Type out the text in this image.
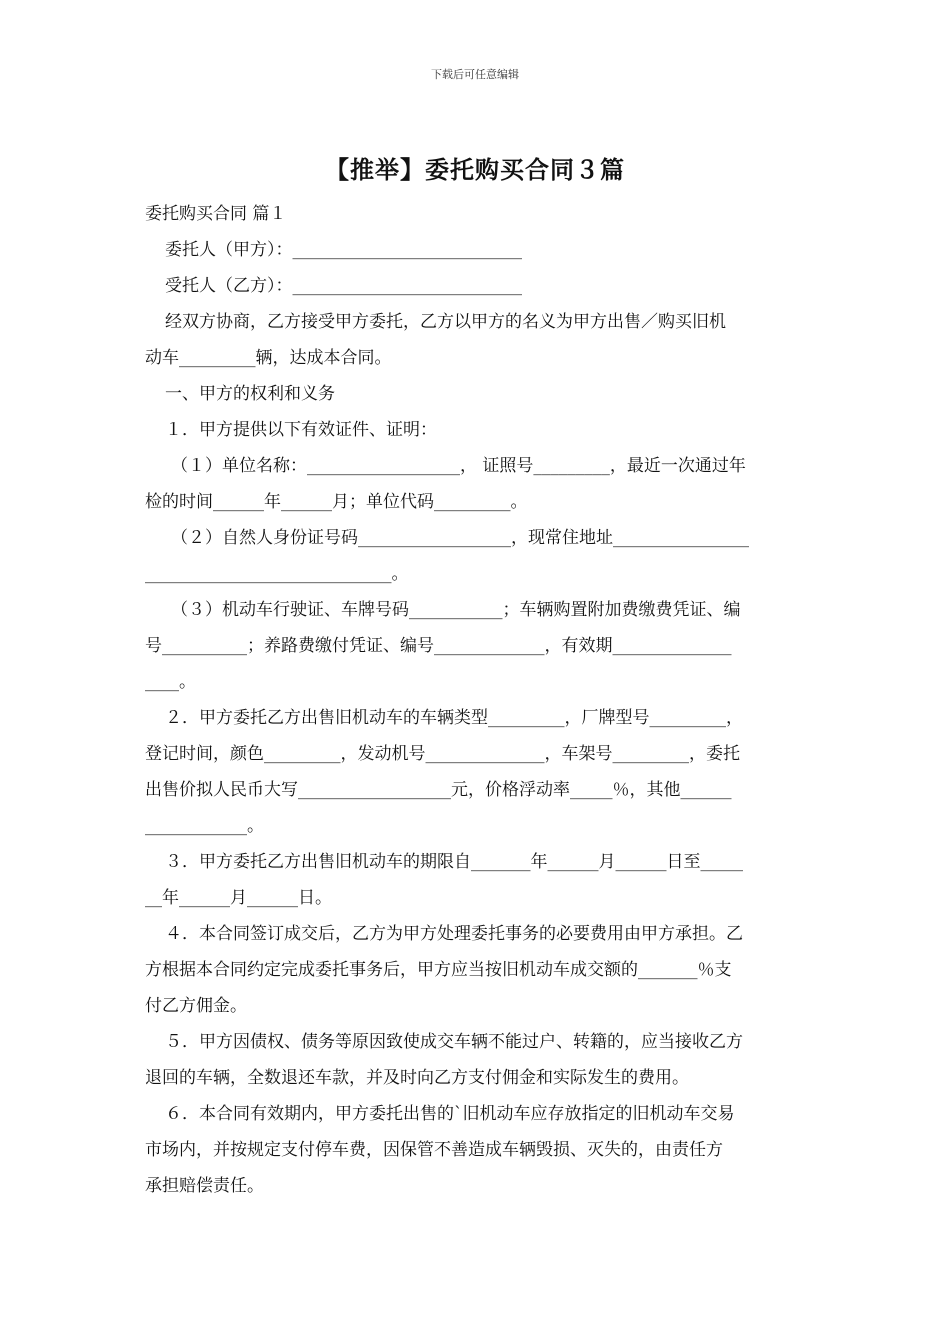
下载后可任意编辑
【推举】委托购买合同３篇

委托购买合同 篇１

委托人（甲方）：___________________________

受托人（乙方）：___________________________

经双方协商，乙方接受甲方委托，乙方以甲方的名义为甲方出售／购买旧机

动车_________辆，达成本合同。

一、甲方的权利和义务

１．甲方提供以下有效证件、证明：

（１）单位名称：__________________， 证照号_________，最近一次通过年

检的时间______年______月；单位代码_________。

（２）自然人身份证号码__________________，现常住地址________________

_____________________________。

（３）机动车行驶证、车牌号码___________；车辆购置附加费缴费凭证、编

号__________；养路费缴付凭证、编号_____________，有效期______________

____。

２．甲方委托乙方出售旧机动车的车辆类型_________，厂牌型号_________，

登记时间，颜色_________，发动机号______________，车架号_________，委托

出售价拟人民币大写__________________元，价格浮动率_____％，其他______

____________。

３．甲方委托乙方出售旧机动车的期限自_______年______月______日至_____

__年______月______日。

４．本合同签订成交后，乙方为甲方处理委托事务的必要费用由甲方承担。乙

方根据本合同约定完成委托事务后，甲方应当按旧机动车成交额的_______％支

付乙方佣金。

５．甲方因债权、债务等原因致使成交车辆不能过户、转籍的，应当接收乙方

退回的车辆，全数退还车款，并及时向乙方支付佣金和实际发生的费用。

６．本合同有效期内，甲方委托出售的`旧机动车应存放指定的旧机动车交易

市场内，并按规定支付停车费，因保管不善造成车辆毁损、灭失的，由责任方

承担赔偿责任。
